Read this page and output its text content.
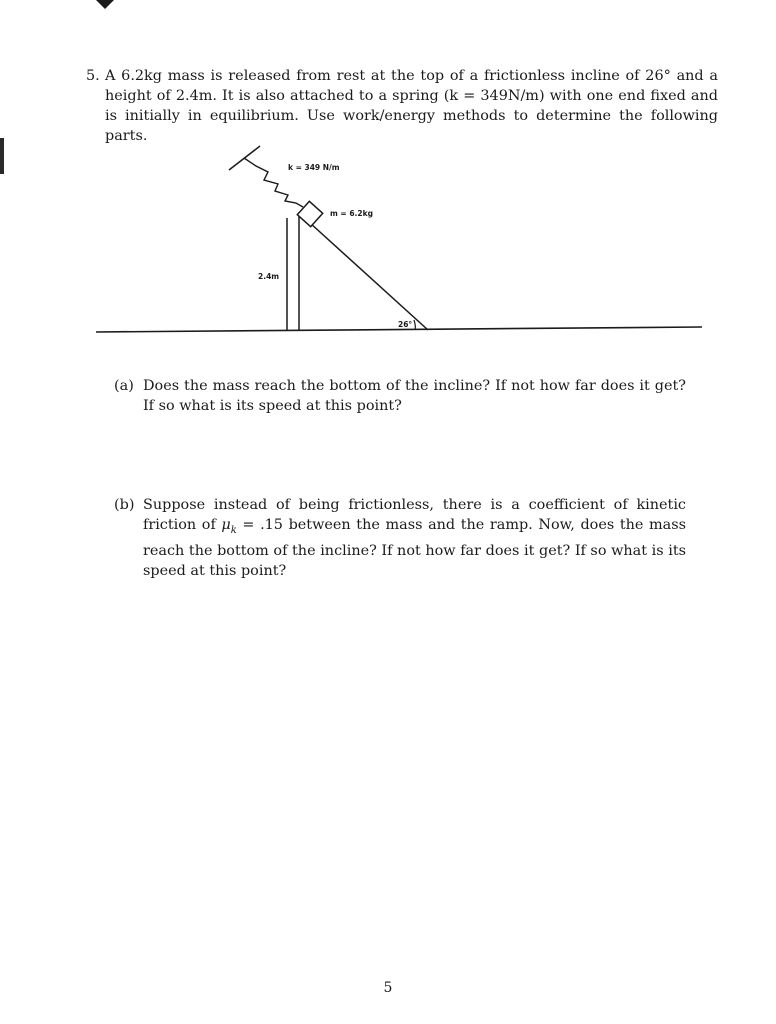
5. A 6.2kg mass is released from rest at the top of a frictionless incline of 26° and a height of 2.4m. It is also attached to a spring (k = 349N/m) with one end fixed and is initially in equilibrium. Use work/energy methods to determine the following parts.
k = 349 N/m
m = 6.2kg
2.4m
26°
(a) Does the mass reach the bottom of the incline? If not how far does it get? If so what is its speed at this point?
(b) Suppose instead of being frictionless, there is a coefficient of kinetic friction of $\mu_k = .15$ between the mass and the ramp. Now, does the mass reach the bottom of the incline? If not how far does it get? If so what is its speed at this point?
5
